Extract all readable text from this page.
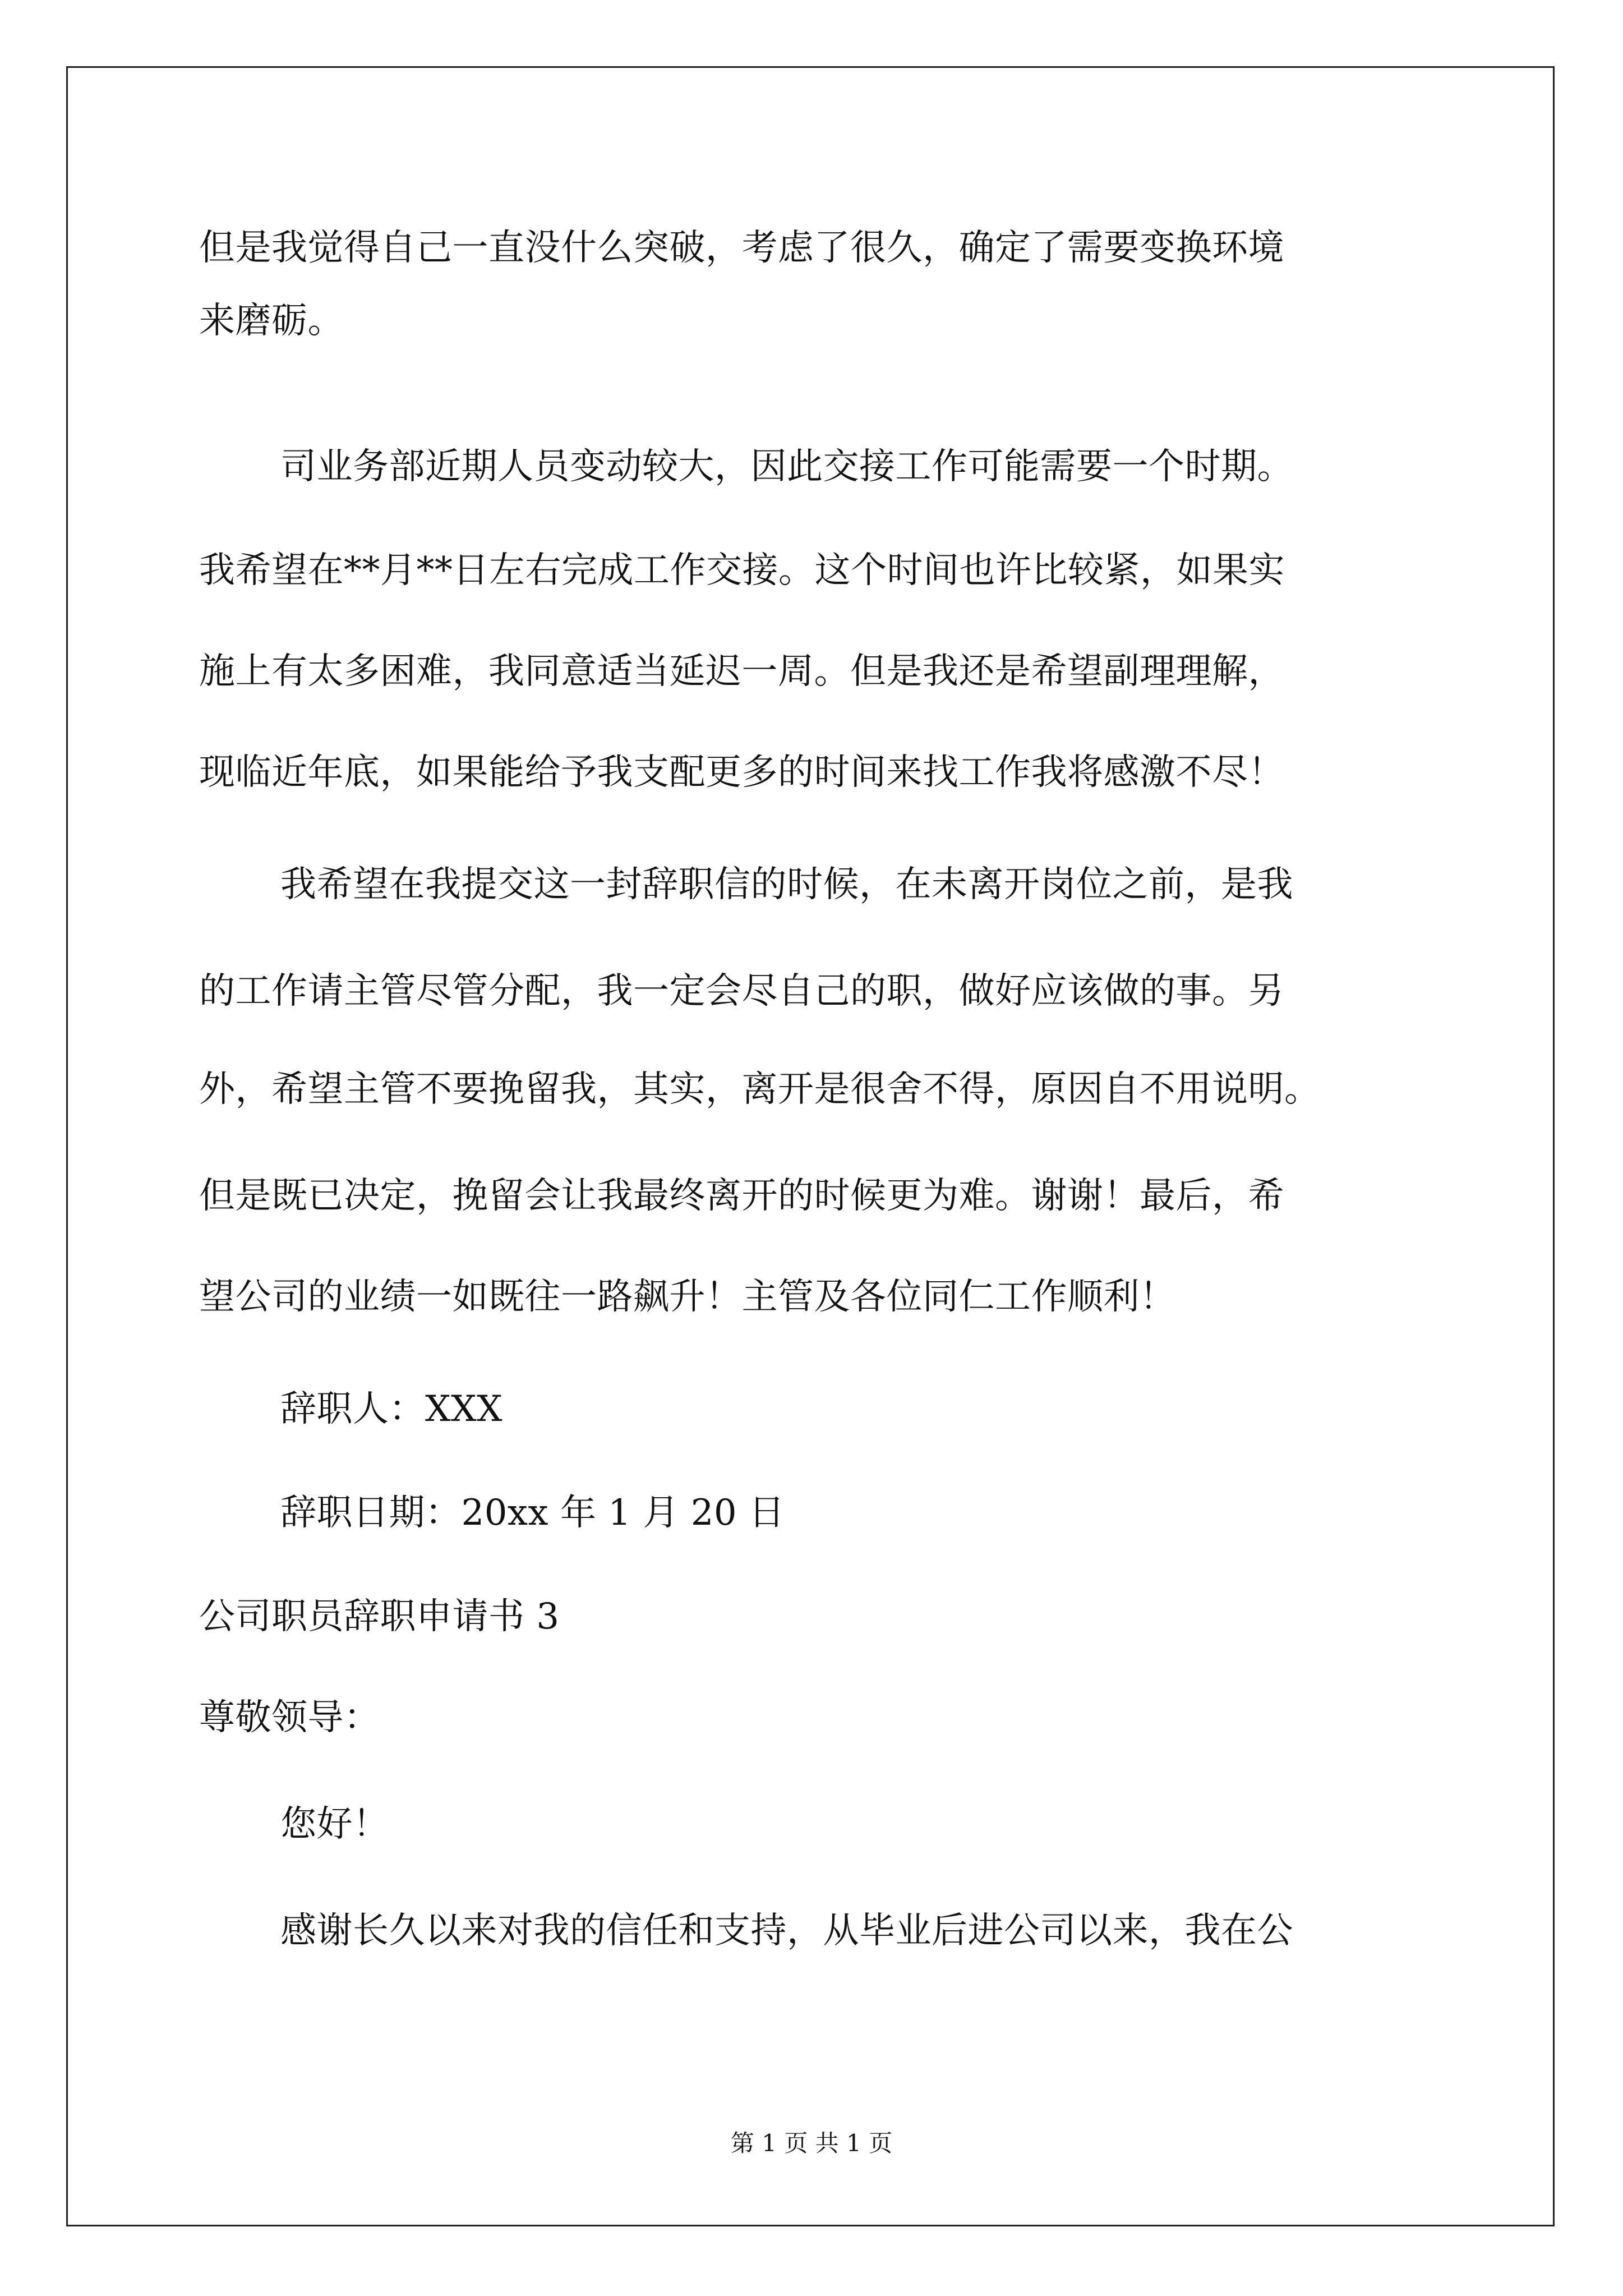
但是我觉得自己一直没什么突破，考虑了很久，确定了需要变换环境
来磨砺。
司业务部近期人员变动较大，因此交接工作可能需要一个时期。
我希望在**月**日左右完成工作交接。这个时间也许比较紧，如果实
施上有太多困难，我同意适当延迟一周。但是我还是希望副理理解，
现临近年底，如果能给予我支配更多的时间来找工作我将感激不尽！
我希望在我提交这一封辞职信的时候，在未离开岗位之前，是我
的工作请主管尽管分配，我一定会尽自己的职，做好应该做的事。另
外，希望主管不要挽留我，其实，离开是很舍不得，原因自不用说明。
但是既已决定，挽留会让我最终离开的时候更为难。谢谢！最后，希
望公司的业绩一如既往一路飙升！主管及各位同仁工作顺利！
辞职人：XXX
辞职日期：20xx 年 1 月 20 日
公司职员辞职申请书 3
尊敬领导：
您好！
感谢长久以来对我的信任和支持，从毕业后进公司以来，我在公
第 1 页 共 1 页
